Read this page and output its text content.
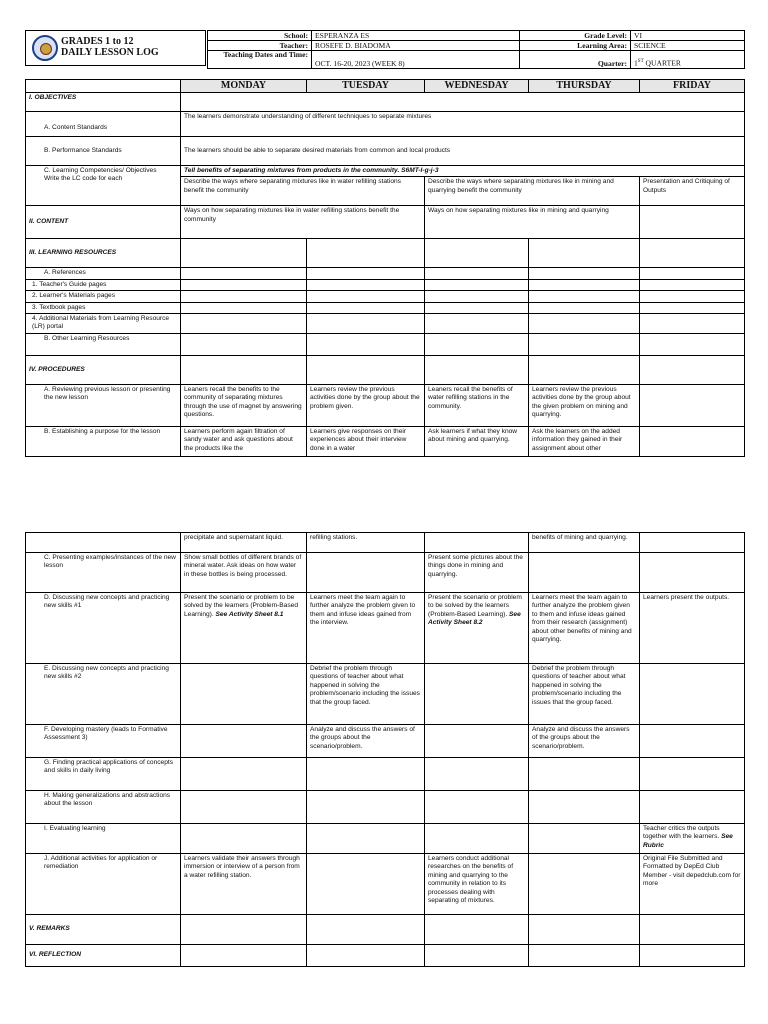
GRADES 1 to 12
DAILY LESSON LOG
School:	ESPERANZA ES	Grade Level:	VI
Teacher:	ROSEFE D. BIADOMA	Learning Area:	SCIENCE
Teaching Dates and Time:	OCT. 16-20, 2023 (WEEK 8)	Quarter:	1ST QUARTER
	MONDAY	TUESDAY	WEDNESDAY	THURSDAY	FRIDAY
I. OBJECTIVES					
A. Content Standards	The learners demonstrate understanding of different techniques to separate mixtures				
B. Performance Standards	The learners should be able to separate desired materials from common and local products				
C. Learning Competencies/ Objectives
Write the LC code for each	Tell benefits of separating mixtures from products in the community. S6MT-I-g-j-3				
	Describe the ways where separating mixtures like in water refilling stations benefit the community		Describe the ways where separating mixtures like in mining and quarrying benefit the community		Presentation and Critiquing of Outputs
II. CONTENT	Ways on how separating mixtures like in water refilling stations benefit the community		Ways on how separating mixtures like in mining and quarrying		
III. LEARNING RESOURCES					
A. References					
1. Teacher's Guide pages					
2. Learner's Materials pages					
3. Textbook pages					
4. Additional Materials from Learning Resource (LR) portal					
B. Other Learning Resources					
IV. PROCEDURES					
A. Reviewing previous lesson or presenting the new lesson	Leaners recall the benefits to the community of separating mixtures through the use of magnet by answering questions.	Learners review the previous activities done by the group about the problem given.	Leaners recall the benefits of water refilling stations in the community.	Learners review the previous activities done by the group about the given problem on mining and quarrying.	
B. Establishing a purpose for the lesson	Learners perform again filtration of sandy water and ask questions about the products like the	Learners give responses on their experiences about their interview done in a water	Ask learners if what they know about mining and quarrying.	Ask the learners on the added information they gained in their assignment about other	
	precipitate and supernatant liquid.	refilling stations.		benefits of mining and quarrying.	
C. Presenting examples/instances of the new lesson	Show small bottles of different brands of mineral water. Ask ideas on how water in these bottles is being processed.		Present some pictures about the things done in mining and quarrying.		
D. Discussing new concepts and practicing new skills #1	Present the scenario or problem to be solved by the learners (Problem-Based Learning). See Activity Sheet 8.1	Learners meet the team again to further analyze the problem given to them and infuse ideas gained from the interview.	Present the scenario or problem to be solved by the learners (Problem-Based Learning). See Activity Sheet 8.2	Learners meet the team again to further analyze the problem given to them and infuse ideas gained from their research (assignment) about other benefits of mining and quarrying.	Learners present the outputs.
E. Discussing new concepts and practicing new skills #2		Debrief the problem through questions of teacher about what happened in solving the problem/scenario including the issues that the group faced.		Debrief the problem through questions of teacher about what happened in solving the problem/scenario including the issues that the group faced.	
F. Developing mastery (leads to Formative Assessment 3)		Analyze and discuss the answers of the groups about the scenario/problem.		Analyze and discuss the answers of the groups about the scenario/problem.	
G. Finding practical applications of concepts and skills in daily living					
H. Making generalizations and abstractions about the lesson					
I. Evaluating learning					Teacher critics the outputs together with the learners. See Rubric
J. Additional activities for application or remediation	Learners validate their answers through immersion or interview of a person from a water refilling station.		Learners conduct additional researches on the benefits of mining and quarrying to the community in relation to its processes dealing with separating of mixtures.		Original File Submitted and Formatted by DepEd Club Member - visit depedclub.com for more
V. REMARKS					
VI. REFLECTION					
